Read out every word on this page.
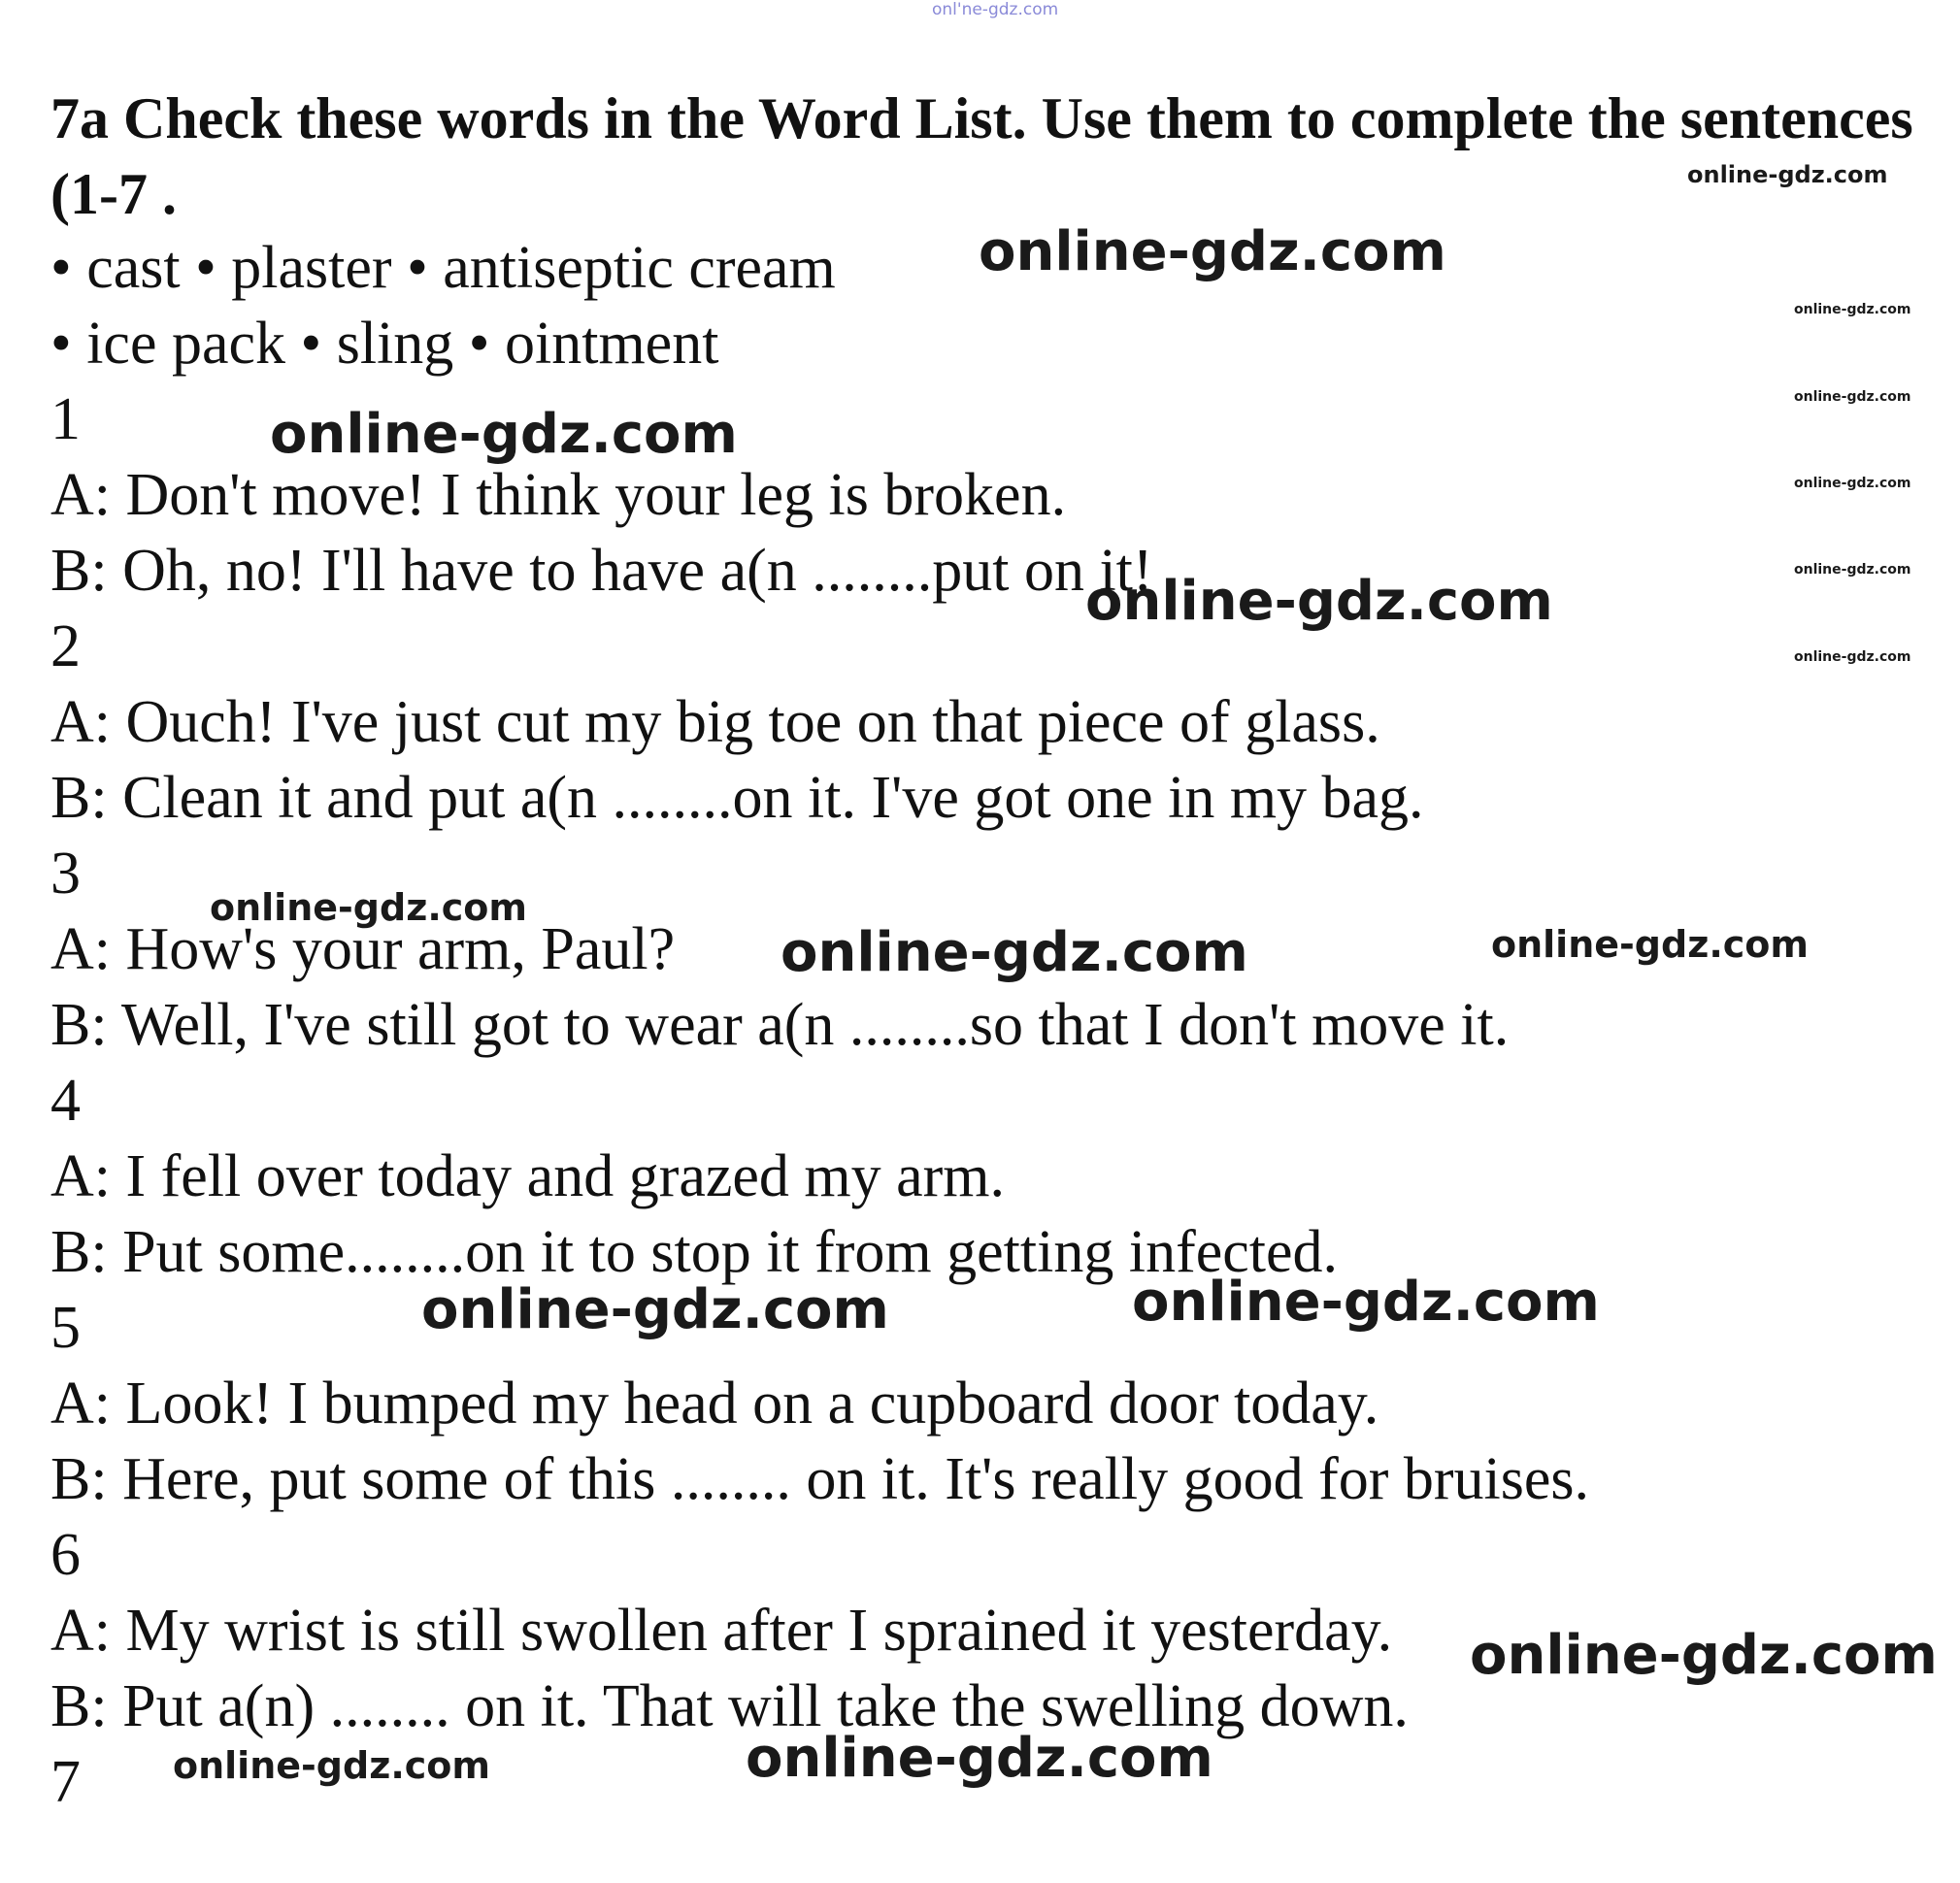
onl'ne-gdz.com
7a Check these words in the Word List. Use them to complete the sentences
(1-7 .
• cast • plaster • antiseptic cream
• ice pack • sling • ointment
1
A: Don't move! I think your leg is broken.
B: Oh, no! I'll have to have a(n ........put on it!
2
A: Ouch! I've just cut my big toe on that piece of glass.
B: Clean it and put a(n ........on it. I've got one in my bag.
3
A: How's your arm, Paul?
B: Well, I've still got to wear a(n ........so that I don't move it.
4
A: I fell over today and grazed my arm.
B: Put some........on it to stop it from getting infected.
5
A: Look! I bumped my head on a cupboard door today.
B: Here, put some of this ........ on it. It's really good for bruises.
6
A: My wrist is still swollen after I sprained it yesterday.
B: Put a(n) ........ on it. That will take the swelling down.
7
online-gdz.com
online-gdz.com
online-gdz.com
online-gdz.com
online-gdz.com
online-gdz.com
online-gdz.com
online-gdz.com
online-gdz.com
online-gdz.com
online-gdz.com	online-gdz.com
online-gdz.com
online-gdz.com
online-gdz.com
online-gdz.com	online-gdz.com
